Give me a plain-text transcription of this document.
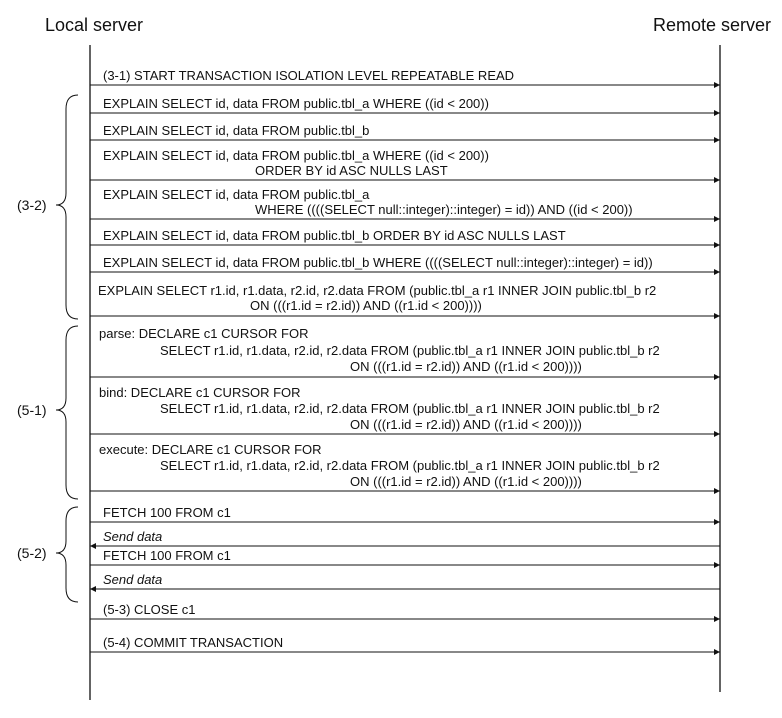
Local server	Remote server
(3-2)
(5-1)
(5-2)
(3-1) START TRANSACTION ISOLATION LEVEL REPEATABLE READ
EXPLAIN SELECT id, data FROM public.tbl_a WHERE ((id < 200))
EXPLAIN SELECT id, data FROM public.tbl_b
EXPLAIN SELECT id, data FROM public.tbl_a WHERE ((id < 200))
ORDER BY id ASC NULLS LAST
EXPLAIN SELECT id, data FROM public.tbl_a
WHERE ((((SELECT null::integer)::integer) = id)) AND ((id < 200))
EXPLAIN SELECT id, data FROM public.tbl_b ORDER BY id ASC NULLS LAST
EXPLAIN SELECT id, data FROM public.tbl_b WHERE ((((SELECT null::integer)::integer) = id))
EXPLAIN SELECT r1.id, r1.data, r2.id, r2.data FROM (public.tbl_a r1 INNER JOIN public.tbl_b r2
ON (((r1.id = r2.id)) AND ((r1.id < 200))))
parse: DECLARE c1 CURSOR FOR
SELECT r1.id, r1.data, r2.id, r2.data FROM (public.tbl_a r1 INNER JOIN public.tbl_b r2
ON (((r1.id = r2.id)) AND ((r1.id < 200))))
bind: DECLARE c1 CURSOR FOR
SELECT r1.id, r1.data, r2.id, r2.data FROM (public.tbl_a r1 INNER JOIN public.tbl_b r2
ON (((r1.id = r2.id)) AND ((r1.id < 200))))
execute: DECLARE c1 CURSOR FOR
SELECT r1.id, r1.data, r2.id, r2.data FROM (public.tbl_a r1 INNER JOIN public.tbl_b r2
ON (((r1.id = r2.id)) AND ((r1.id < 200))))
FETCH 100 FROM c1
Send data
FETCH 100 FROM c1
Send data
(5-3) CLOSE c1
(5-4) COMMIT TRANSACTION
